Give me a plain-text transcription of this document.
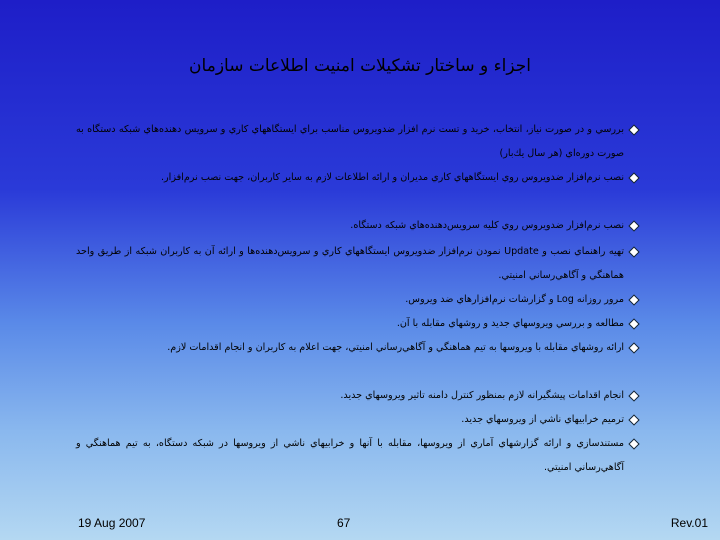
اجزاء و ساختار تشکيلات امنيت اطلاعات سازمان
بررسي و در صورت نياز، انتخاب، خريد و تست نرم افزار ضدويروس مناسب براي ايستگاههاي كاري و سرويس دهنده‌هاي شبكه دستگاه به صورت دوره‌اي (هر سال يك‌بار)
نصب نرم‌افزار ضدويروس روي ايستگاههاي كاري مديران و ارائه اطلاعات لازم به ساير كاربران، جهت نصب نرم‌افزار.
نصب نرم‌افزار ضدويروس روي كليه سرويس‌دهنده‌هاي شبكه دستگاه.
تهيه راهنماي نصب و Update نمودن نرم‌افزار ضدويروس ايستگاههاي كاري و سرويس‌دهنده‌ها و ارائه آن به كاربران شبكه از طريق واحد هماهنگي و آگاهي‌رساني امنيتي.
مرور روزانه Log و گزارشات نرم‌افزارهاي ضد ويروس.
مطالعه و بررسي ويروسهاي جديد و روشهاي مقابله با آن.
ارائه روشهاي مقابله با ويروسها به تيم هماهنگي و آگاهي‌رساني امنيتي، جهت اعلام به كاربران و انجام اقدامات لازم.
انجام اقدامات پيشگيرانه لازم بمنظور كنترل دامنه تاثير ويروسهاي جديد.
ترميم خرابيهاي ناشي از ويروسهاي جديد.
مستندسازي و ارائه گزارشهاي آماري از ويروسها، مقابله با آنها و خرابيهاي ناشي از ويروسها در شبكه دستگاه، به تيم هماهنگي و آگاهي‌رساني امنيتي.
19 Aug 2007	67	Rev.01
